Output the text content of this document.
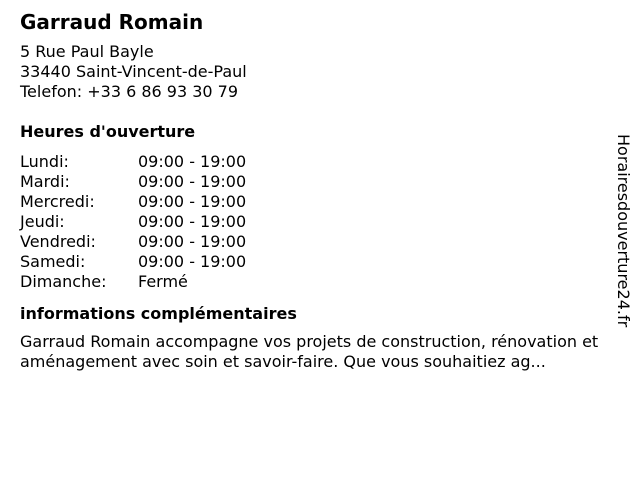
Garraud Romain
5 Rue Paul Bayle
33440 Saint-Vincent-de-Paul
Telefon: +33 6 86 93 30 79
Heures d'ouverture
Lundi:	09:00 - 19:00
Mardi:	09:00 - 19:00
Mercredi:	09:00 - 19:00
Jeudi:	09:00 - 19:00
Vendredi:	09:00 - 19:00
Samedi:	09:00 - 19:00
Dimanche:	Fermé
informations complémentaires
Garraud Romain accompagne vos projets de construction, rénovation et aménagement avec soin et savoir-faire. Que vous souhaitiez ag...
Horairesdouverture24.fr
